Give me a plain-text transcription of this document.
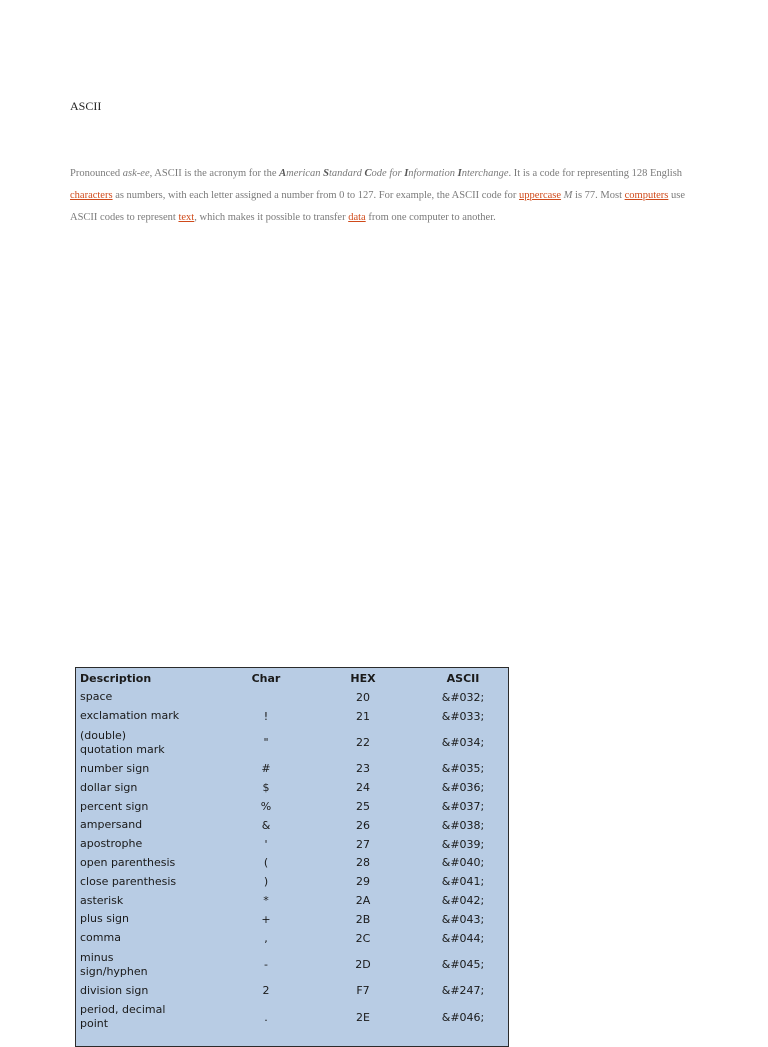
ASCII
Pronounced ask-ee, ASCII is the acronym for the American Standard Code for Information Interchange. It is a code for representing 128 English characters as numbers, with each letter assigned a number from 0 to 127. For example, the ASCII code for uppercase M is 77. Most computers use ASCII codes to represent text, which makes it possible to transfer data from one computer to another.
Description	Char	HEX	ASCII

space		20	&#032;

exclamation mark	!	21	&#033;

(double)
quotation mark	"	22	&#034;

number sign	#	23	&#035;

dollar sign	$	24	&#036;

percent sign	%	25	&#037;

ampersand	&	26	&#038;

apostrophe	'	27	&#039;

open parenthesis	(	28	&#040;

close parenthesis	)	29	&#041;

asterisk	*	2A	&#042;

plus sign	+	2B	&#043;

comma	,	2C	&#044;

minus
sign/hyphen	-	2D	&#045;

division sign	2	F7	&#247;

period, decimal
point	.	2E	&#046;
